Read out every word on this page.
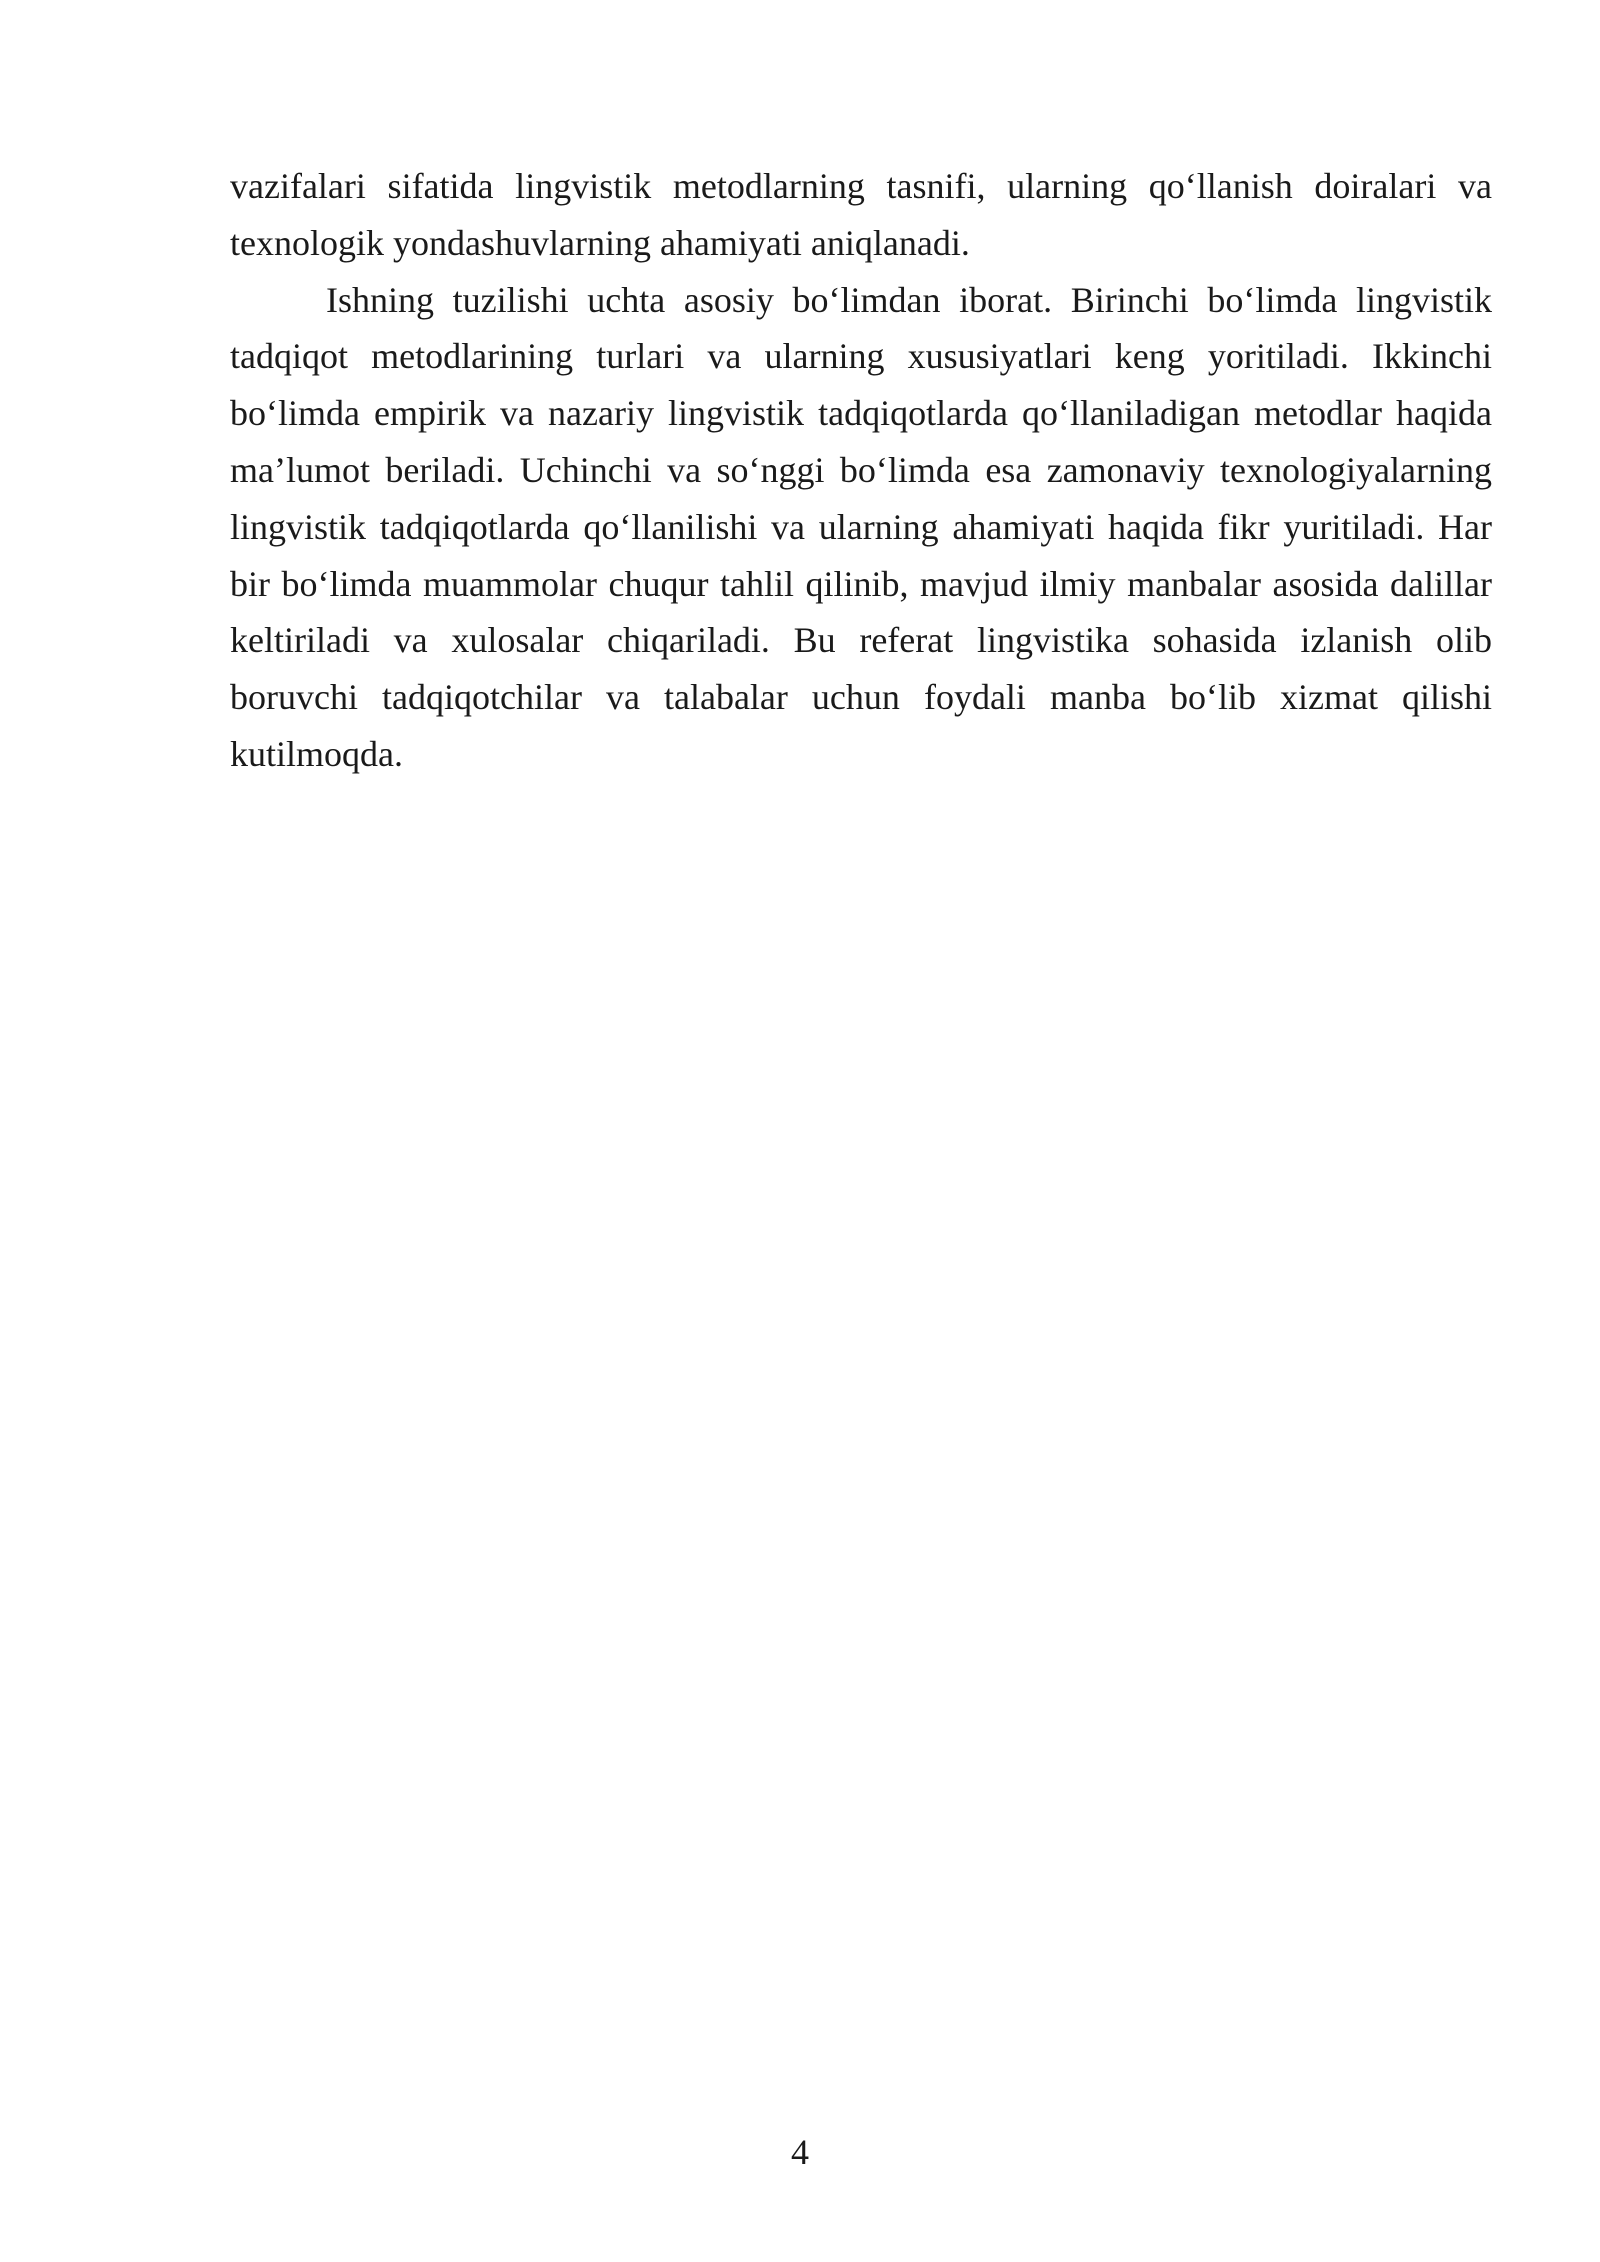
vazifalari sifatida lingvistik metodlarning tasnifi, ularning qo‘llanish doiralari va texnologik yondashuvlarning ahamiyati aniqlanadi.

Ishning tuzilishi uchta asosiy bo‘limdan iborat. Birinchi bo‘limda lingvistik tadqiqot metodlarining turlari va ularning xususiyatlari keng yoritiladi. Ikkinchi bo‘limda empirik va nazariy lingvistik tadqiqotlarda qo‘llaniladigan metodlar haqida ma’lumot beriladi. Uchinchi va so‘nggi bo‘limda esa zamonaviy texnologiyalarning lingvistik tadqiqotlarda qo‘llanilishi va ularning ahamiyati haqida fikr yuritiladi. Har bir bo‘limda muammolar chuqur tahlil qilinib, mavjud ilmiy manbalar asosida dalillar keltiriladi va xulosalar chiqariladi. Bu referat lingvistika sohasida izlanish olib boruvchi tadqiqotchilar va talabalar uchun foydali manba bo‘lib xizmat qilishi kutilmoqda.

4
